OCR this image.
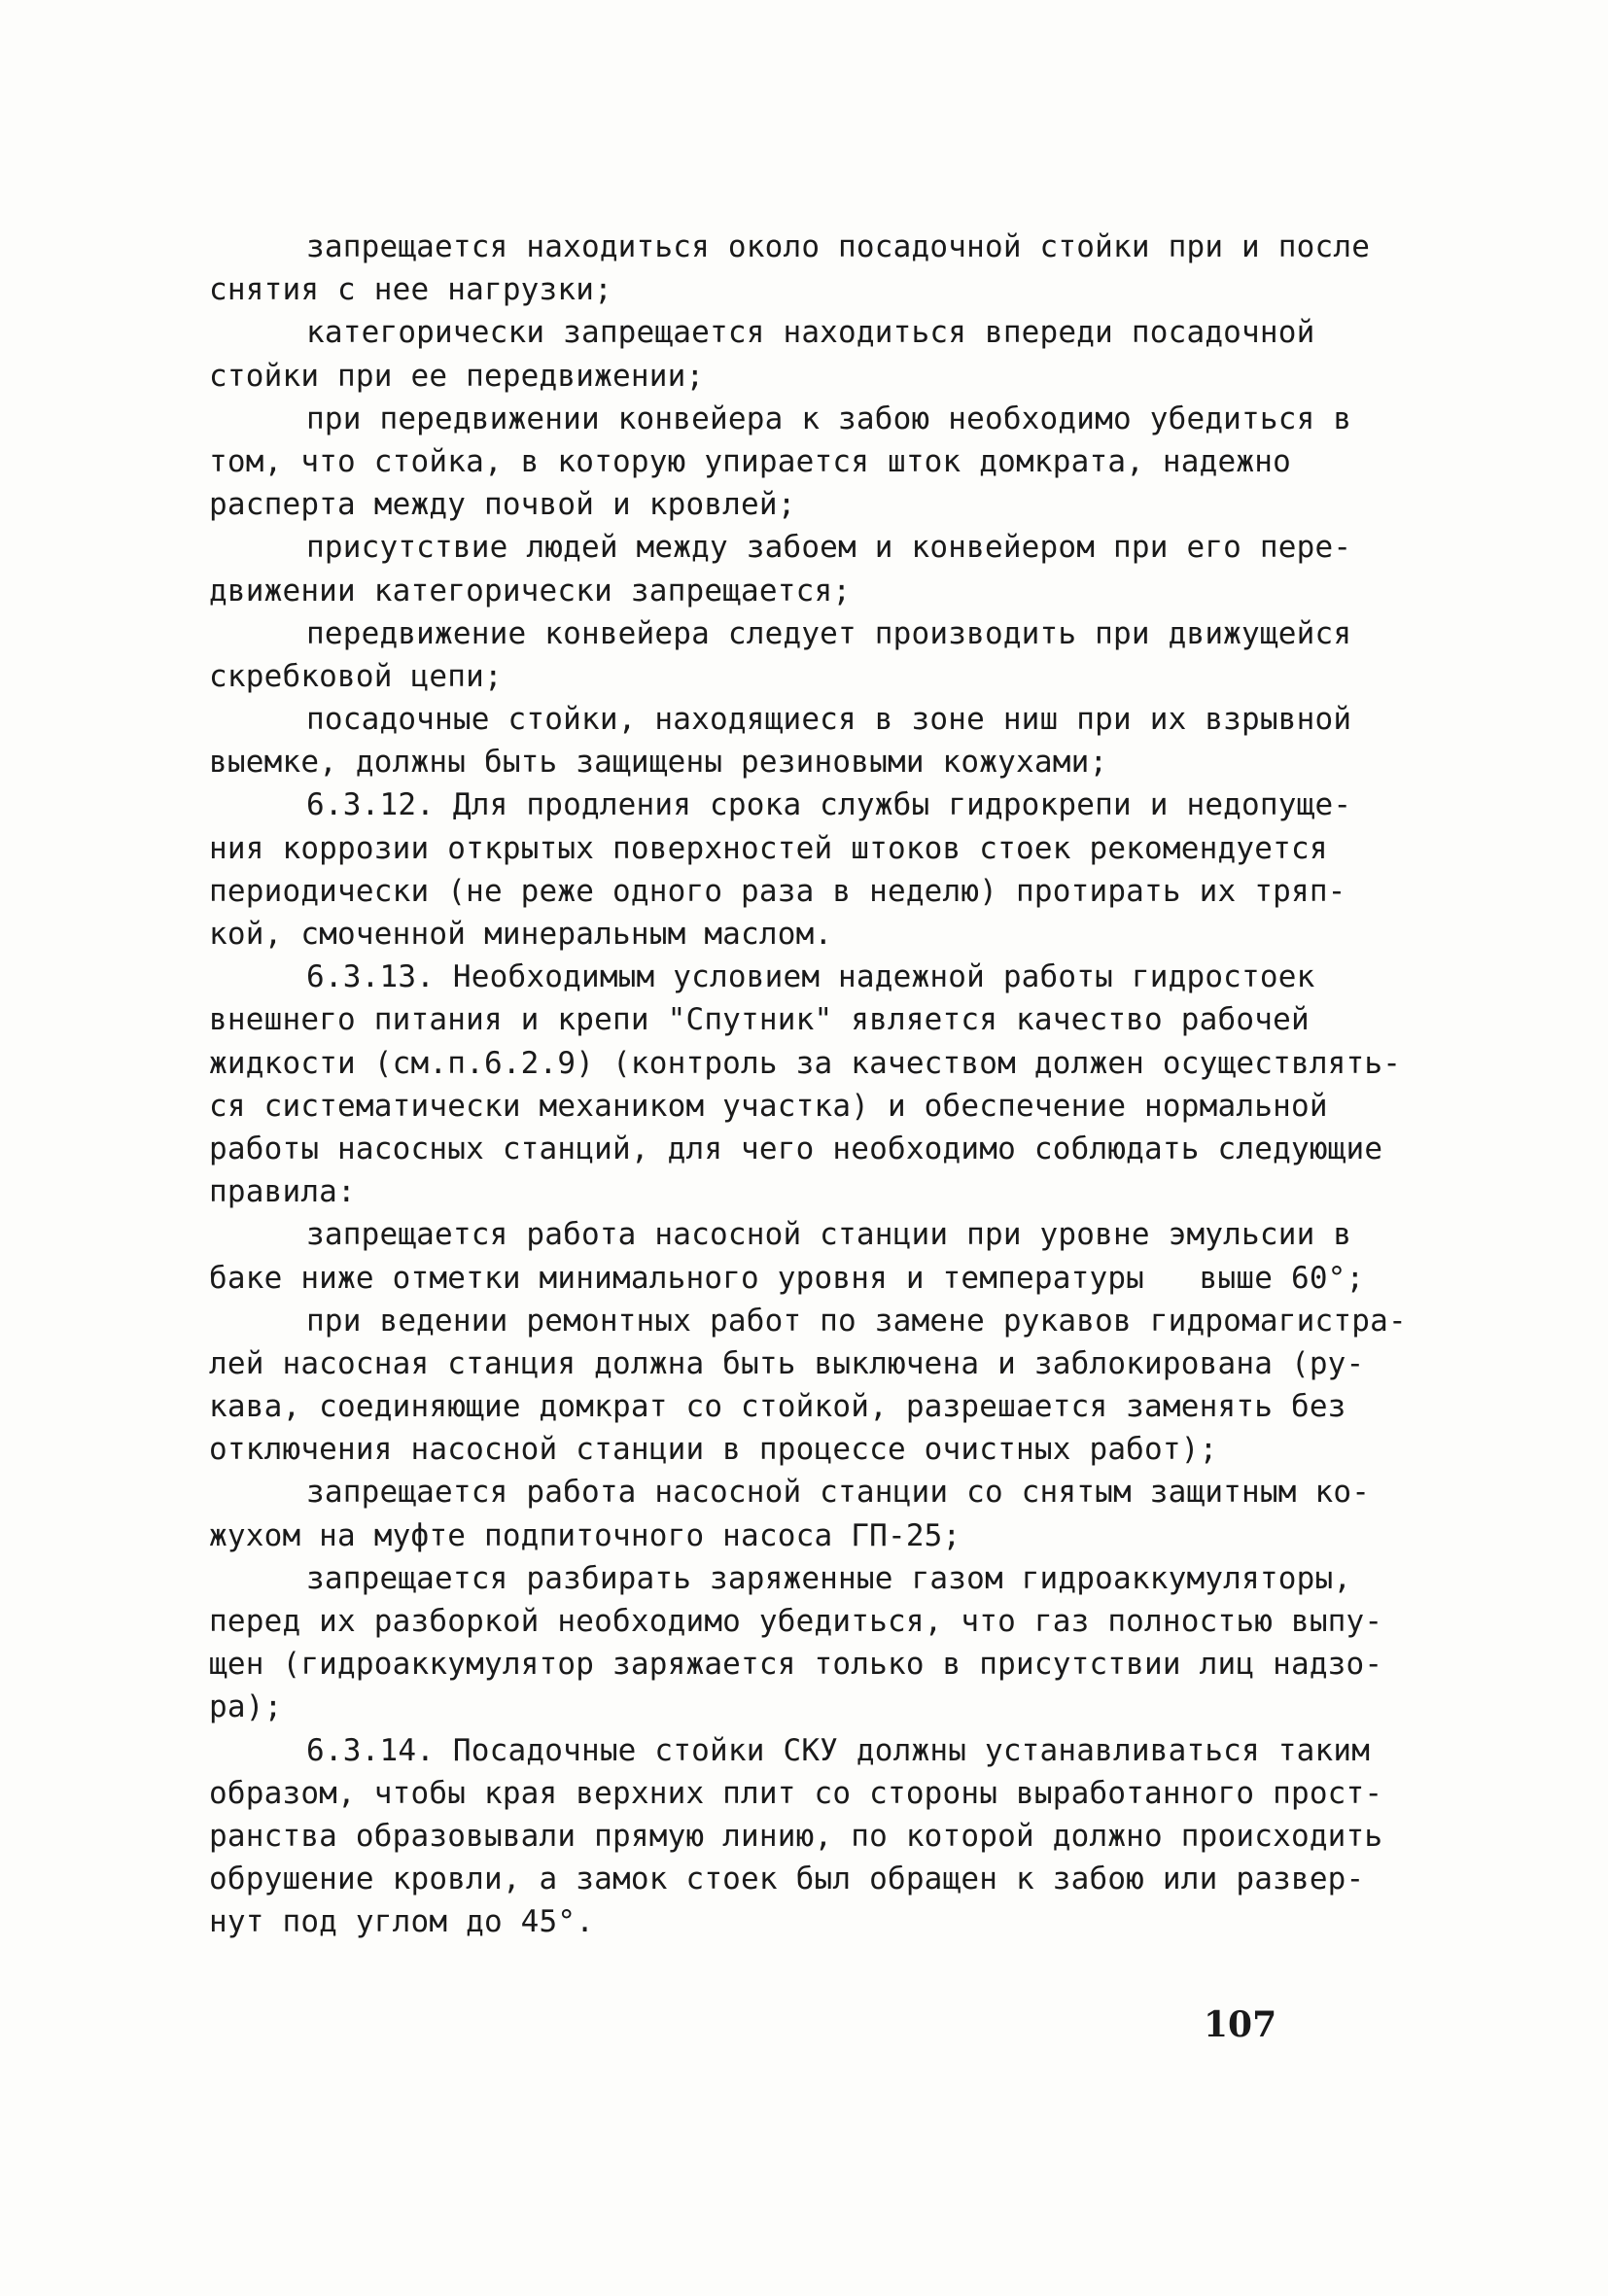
запрещается находиться около посадочной стойки при и после
снятия с нее нагрузки;
категорически запрещается находиться впереди посадочной
стойки при ее передвижении;
при передвижении конвейера к забою необходимо убедиться в
том, что стойка, в которую упирается шток домкрата, надежно
расперта между почвой и кровлей;
присутствие людей между забоем и конвейером при его пере-
движении категорически запрещается;
передвижение конвейера следует производить при движущейся
скребковой цепи;
посадочные стойки, находящиеся в зоне ниш при их взрывной
выемке, должны быть защищены резиновыми кожухами;
6.3.12. Для продления срока службы гидрокрепи и недопуще-
ния коррозии открытых поверхностей штоков стоек рекомендуется
периодически (не реже одного раза в неделю) протирать их тряп-
кой, смоченной минеральным маслом.
6.3.13. Необходимым условием надежной работы гидростоек
внешнего питания и крепи "Спутник" является качество рабочей
жидкости (см.п.6.2.9) (контроль за качеством должен осуществлять-
ся систематически механиком участка) и обеспечение нормальной
работы насосных станций, для чего необходимо соблюдать следующие
правила:
запрещается работа насосной станции при уровне эмульсии в
баке ниже отметки минимального уровня и температуры   выше 60°;
при ведении ремонтных работ по замене рукавов гидромагистра-
лей насосная станция должна быть выключена и заблокирована (ру-
кава, соединяющие домкрат со стойкой, разрешается заменять без
отключения насосной станции в процессе очистных работ);
запрещается работа насосной станции со снятым защитным ко-
жухом на муфте подпиточного насоса ГП-25;
запрещается разбирать заряженные газом гидроаккумуляторы,
перед их разборкой необходимо убедиться, что газ полностью выпу-
щен (гидроаккумулятор заряжается только в присутствии лиц надзо-
ра);
6.3.14. Посадочные стойки СКУ должны устанавливаться таким
образом, чтобы края верхних плит со стороны выработанного прост-
ранства образовывали прямую линию, по которой должно происходить
обрушение кровли, а замок стоек был обращен к забою или развер-
нут под углом до 45°.
107
